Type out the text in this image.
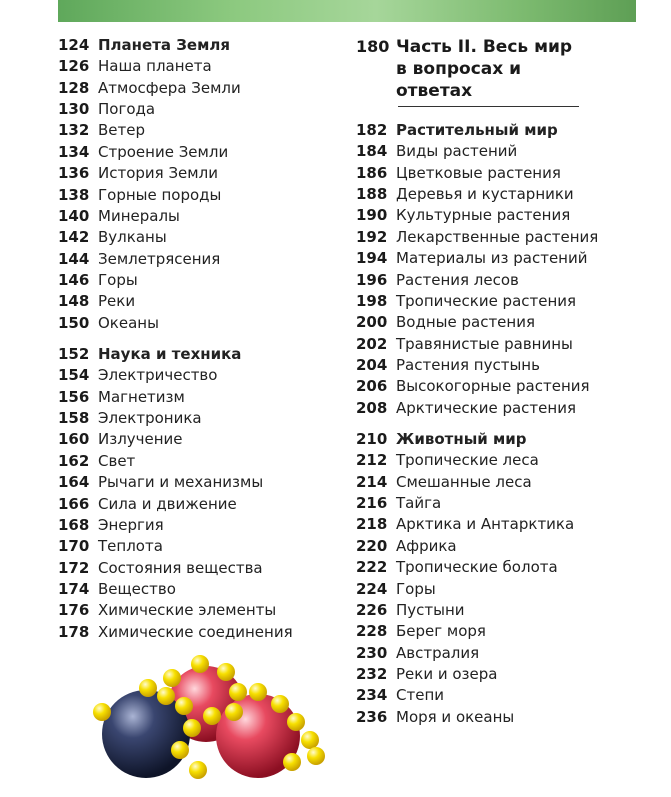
124 Планета Земля
126 Наша планета
128 Атмосфера Земли
130 Погода
132 Ветер
134 Строение Земли
136 История Земли
138 Горные породы
140 Минералы
142 Вулканы
144 Землетрясения
146 Горы
148 Реки
150 Океаны
152 Наука и техника
154 Электричество
156 Магнетизм
158 Электроника
160 Излучение
162 Свет
164 Рычаги и механизмы
166 Сила и движение
168 Энергия
170 Теплота
172 Состояния вещества
174 Вещество
176 Химические элементы
178 Химические соединения
180 Часть II. Весь мир в вопросах и ответах
182 Растительный мир
184 Виды растений
186 Цветковые растения
188 Деревья и кустарники
190 Культурные растения
192 Лекарственные растения
194 Материалы из растений
196 Растения лесов
198 Тропические растения
200 Водные растения
202 Травянистые равнины
204 Растения пустынь
206 Высокогорные растения
208 Арктические растения
210 Животный мир
212 Тропические леса
214 Смешанные леса
216 Тайга
218 Арктика и Антарктика
220 Африка
222 Тропические болота
224 Горы
226 Пустыни
228 Берег моря
230 Австралия
232 Реки и озера
234 Степи
236 Моря и океаны
